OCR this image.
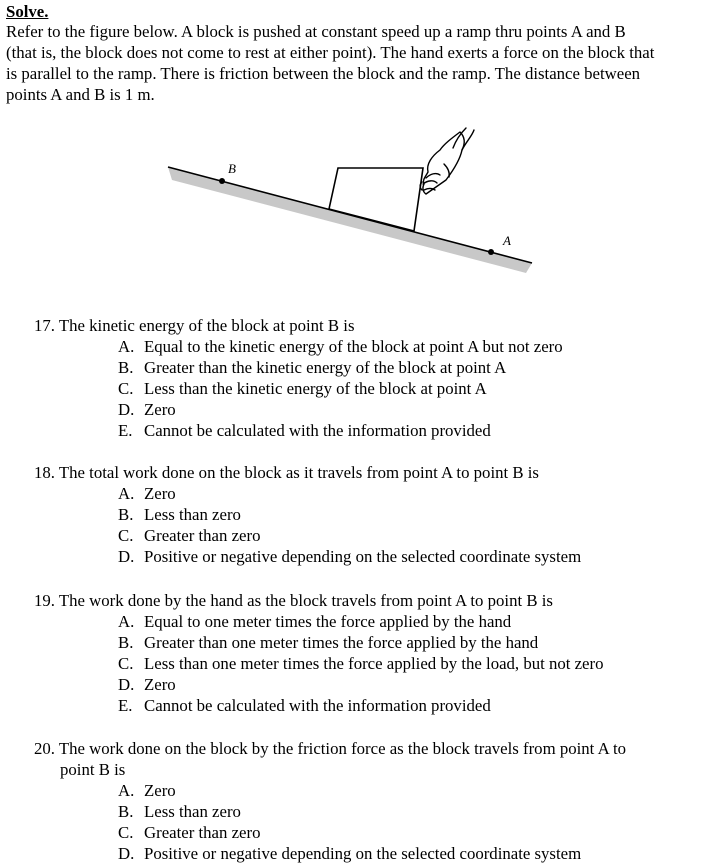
Solve.

Refer to the figure below. A block is pushed at constant speed up a ramp thru points A and B

(that is, the block does not come to rest at either point). The hand exerts a force on the block that

is parallel to the ramp. There is friction between the block and the ramp. The distance between

points A and B is 1 m.

B
A

17. The kinetic energy of the block at point B is

A. Equal to the kinetic energy of the block at point A but not zero
B. Greater than the kinetic energy of the block at point A
C. Less than the kinetic energy of the block at point A
D. Zero
E. Cannot be calculated with the information provided

18. The total work done on the block as it travels from point A to point B is

A. Zero
B. Less than zero
C. Greater than zero
D. Positive or negative depending on the selected coordinate system

19. The work done by the hand as the block travels from point A to point B is

A. Equal to one meter times the force applied by the hand
B. Greater than one meter times the force applied by the hand
C. Less than one meter times the force applied by the load, but not zero
D. Zero
E. Cannot be calculated with the information provided

20. The work done on the block by the friction force as the block travels from point A to
point B is

A. Zero
B. Less than zero
C. Greater than zero
D. Positive or negative depending on the selected coordinate system
